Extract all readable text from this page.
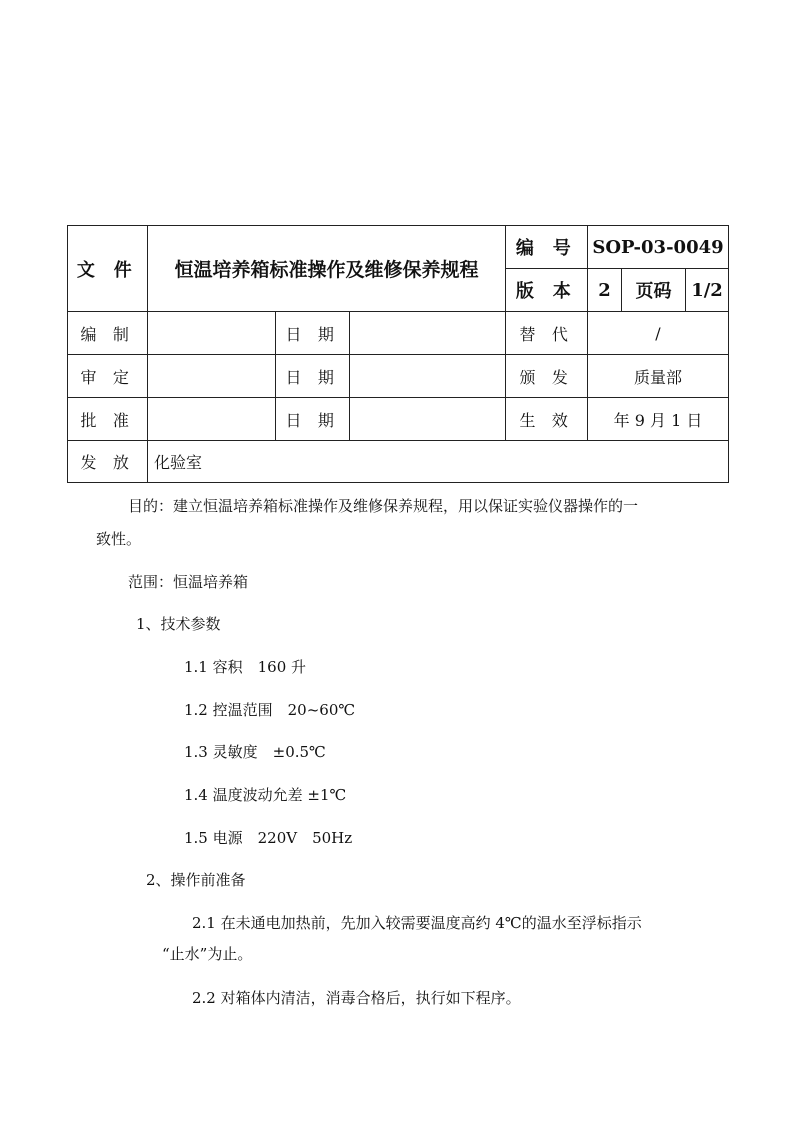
文 件	恒温培养箱标准操作及维修保养规程			编 号	SOP-03-0049		
				版 本	2	页码	1/2
编 制		日 期		替 代	/		
审 定		日 期		颁 发	质量部		
批 准		日 期		生 效	年 9 月 1 日		
发 放	化验室						
目的：建立恒温培养箱标准操作及维修保养规程，用以保证实验仪器操作的一
致性。
范围：恒温培养箱
1、技术参数
1.1 容积　160 升
1.2 控温范围　20~60℃
1.3 灵敏度　±0.5℃
1.4 温度波动允差 ±1℃
1.5 电源　220V　50Hz
2、操作前准备
2.1 在未通电加热前，先加入较需要温度高约 4℃的温水至浮标指示
“止水”为止。
2.2 对箱体内清洁，消毒合格后，执行如下程序。
